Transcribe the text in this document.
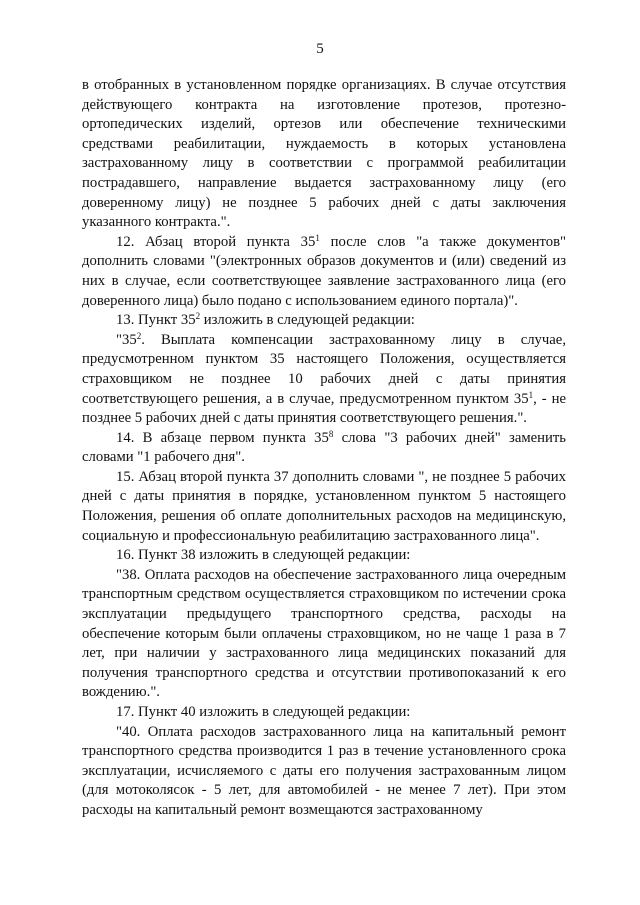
5

в отобранных в установленном порядке организациях. В случае отсутствия действующего контракта на изготовление протезов, протезно-ортопедических изделий, ортезов или обеспечение техническими средствами реабилитации, нуждаемость в которых установлена застрахованному лицу в соответствии с программой реабилитации пострадавшего, направление выдается застрахованному лицу (его доверенному лицу) не позднее 5 рабочих дней с даты заключения указанного контракта.".

12. Абзац второй пункта $35^1$ после слов "а также документов" дополнить словами "(электронных образов документов и (или) сведений из них в случае, если соответствующее заявление застрахованного лица (его доверенного лица) было подано с использованием единого портала)".

13. Пункт $35^2$ изложить в следующей редакции:

"$35^2$. Выплата компенсации застрахованному лицу в случае, предусмотренном пунктом 35 настоящего Положения, осуществляется страховщиком не позднее 10 рабочих дней с даты принятия соответствующего решения, а в случае, предусмотренном пунктом $35^1$, - не позднее 5 рабочих дней с даты принятия соответствующего решения.".

14. В абзаце первом пункта $35^8$ слова "3 рабочих дней" заменить словами "1 рабочего дня".

15. Абзац второй пункта 37 дополнить словами ", не позднее 5 рабочих дней с даты принятия в порядке, установленном пунктом 5 настоящего Положения, решения об оплате дополнительных расходов на медицинскую, социальную и профессиональную реабилитацию застрахованного лица".

16. Пункт 38 изложить в следующей редакции:

"38. Оплата расходов на обеспечение застрахованного лица очередным транспортным средством осуществляется страховщиком по истечении срока эксплуатации предыдущего транспортного средства, расходы на обеспечение которым были оплачены страховщиком, но не чаще 1 раза в 7 лет, при наличии у застрахованного лица медицинских показаний для получения транспортного средства и отсутствии противопоказаний к его вождению.".

17. Пункт 40 изложить в следующей редакции:

"40. Оплата расходов застрахованного лица на капитальный ремонт транспортного средства производится 1 раз в течение установленного срока эксплуатации, исчисляемого с даты его получения застрахованным лицом (для мотоколясок - 5 лет, для автомобилей - не менее 7 лет). При этом расходы на капитальный ремонт возмещаются застрахованному
